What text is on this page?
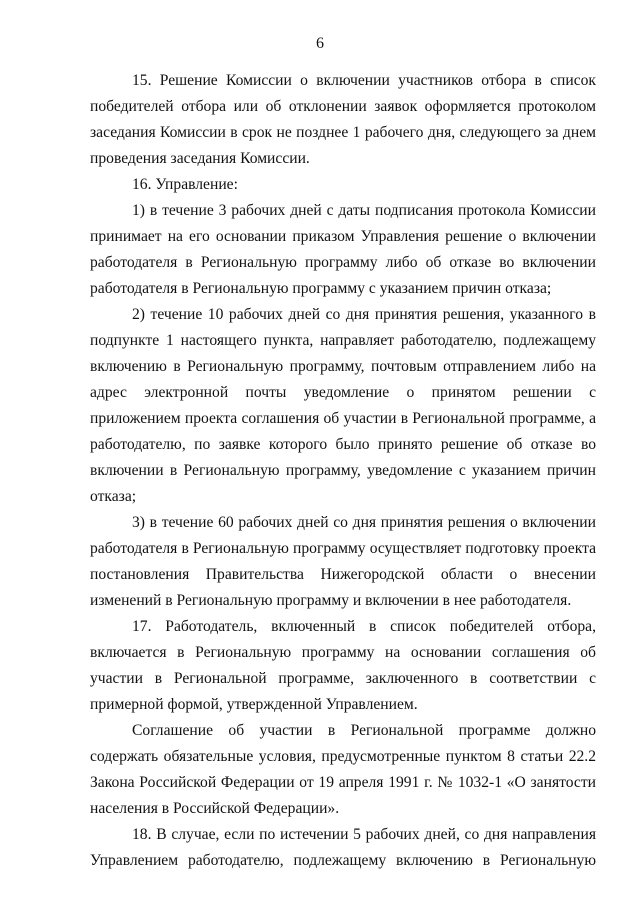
6

15. Решение Комиссии о включении участников отбора в список победителей отбора или об отклонении заявок оформляется протоколом заседания Комиссии в срок не позднее 1 рабочего дня, следующего за днем проведения заседания Комиссии.

16. Управление:

1) в течение 3 рабочих дней с даты подписания протокола Комиссии принимает на его основании приказом Управления решение о включении работодателя в Региональную программу либо об отказе во включении работодателя в Региональную программу с указанием причин отказа;

2) течение 10 рабочих дней со дня принятия решения, указанного в подпункте 1 настоящего пункта, направляет работодателю, подлежащему включению в Региональную программу, почтовым отправлением либо на адрес электронной почты уведомление о принятом решении с приложением проекта соглашения об участии в Региональной программе, а работодателю, по заявке которого было принято решение об отказе во включении в Региональную программу, уведомление с указанием причин отказа;

3) в течение 60 рабочих дней со дня принятия решения о включении работодателя в Региональную программу осуществляет подготовку проекта постановления Правительства Нижегородской области о внесении изменений в Региональную программу и включении в нее работодателя.

17. Работодатель, включенный в список победителей отбора, включается в Региональную программу на основании соглашения об участии в Региональной программе, заключенного в соответствии с примерной формой, утвержденной Управлением.

Соглашение об участии в Региональной программе должно содержать обязательные условия, предусмотренные пунктом 8 статьи 22.2 Закона Российской Федерации от 19 апреля 1991 г. № 1032-1 «О занятости населения в Российской Федерации».

18. В случае, если по истечении 5 рабочих дней, со дня направления Управлением работодателю, подлежащему включению в Региональную
